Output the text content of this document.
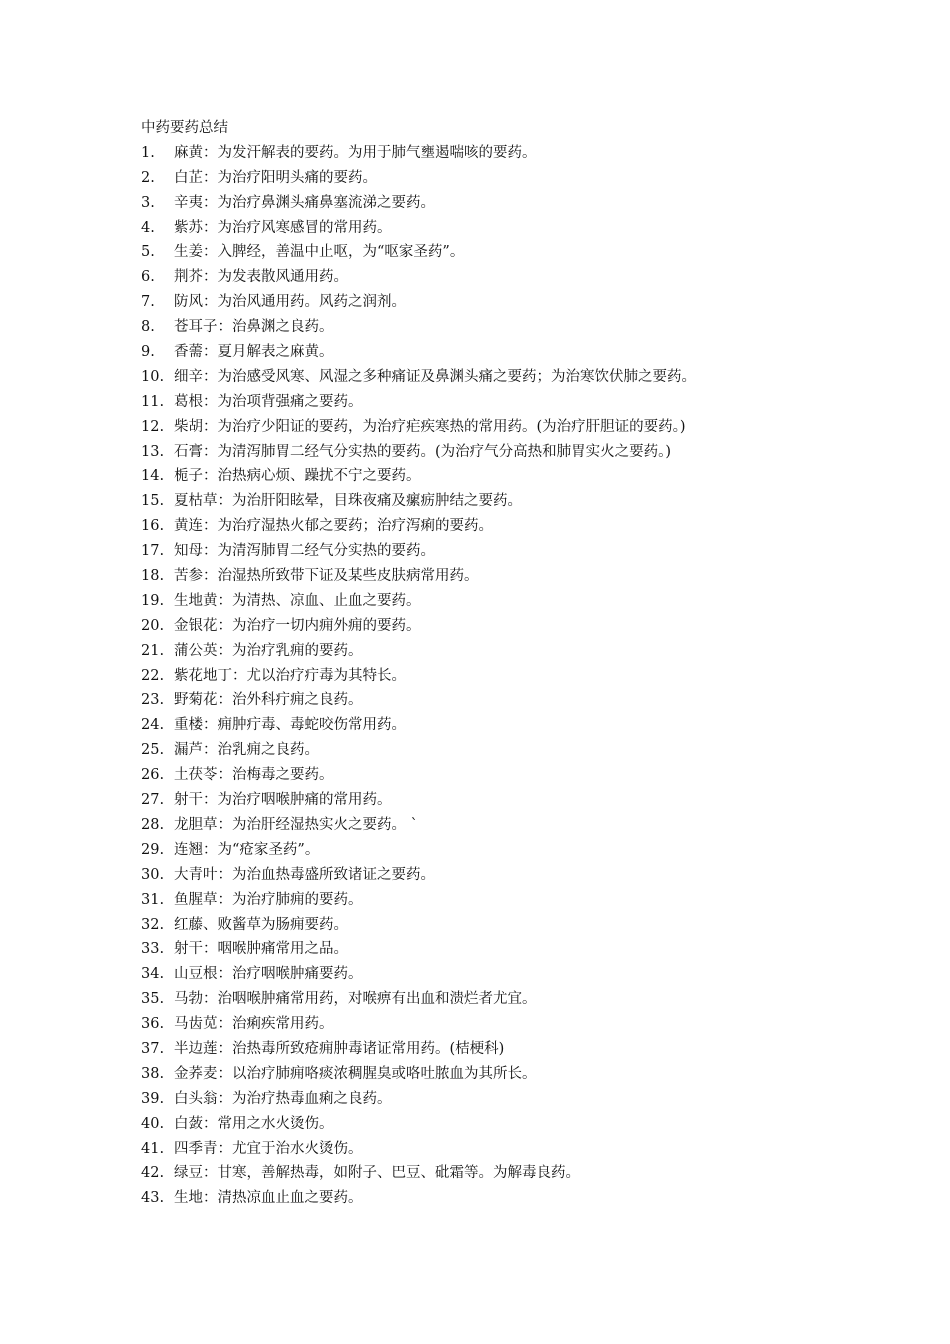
中药要药总结
1.	麻黄：为发汗解表的要药。为用于肺气壅遏喘咳的要药。
2.	白芷：为治疗阳明头痛的要药。
3.	辛夷：为治疗鼻渊头痛鼻塞流涕之要药。
4.	紫苏：为治疗风寒感冒的常用药。
5.	生姜：入脾经，善温中止呕，为“呕家圣药”。
6.	荆芥：为发表散风通用药。
7.	防风：为治风通用药。风药之润剂。
8.	苍耳子：治鼻渊之良药。
9.	香薷：夏月解表之麻黄。
10. 细辛：为治感受风寒、风湿之多种痛证及鼻渊头痛之要药；为治寒饮伏肺之要药。
11. 葛根：为治项背强痛之要药。
12. 柴胡：为治疗少阳证的要药，为治疗疟疾寒热的常用药。(为治疗肝胆证的要药。)
13. 石膏：为清泻肺胃二经气分实热的要药。(为治疗气分高热和肺胃实火之要药。)
14. 栀子：治热病心烦、躁扰不宁之要药。
15. 夏枯草：为治肝阳眩晕，目珠夜痛及瘰疬肿结之要药。
16. 黄连：为治疗湿热火郁之要药；治疗泻痢的要药。
17. 知母：为清泻肺胃二经气分实热的要药。
18. 苦参：治湿热所致带下证及某些皮肤病常用药。
19. 生地黄：为清热、凉血、止血之要药。
20. 金银花：为治疗一切内痈外痈的要药。
21. 蒲公英：为治疗乳痈的要药。
22. 紫花地丁：尤以治疗疔毒为其特长。
23. 野菊花：治外科疔痈之良药。
24. 重楼：痈肿疔毒、毒蛇咬伤常用药。
25. 漏芦：治乳痈之良药。
26. 土茯苓：治梅毒之要药。
27. 射干：为治疗咽喉肿痛的常用药。
28. 龙胆草：为治肝经湿热实火之要药。 `
29. 连翘：为“疮家圣药”。
30. 大青叶：为治血热毒盛所致诸证之要药。
31. 鱼腥草：为治疗肺痈的要药。
32. 红藤、败酱草为肠痈要药。
33. 射干：咽喉肿痛常用之品。
34. 山豆根：治疗咽喉肿痛要药。
35. 马勃：治咽喉肿痛常用药，对喉痹有出血和溃烂者尤宜。
36. 马齿苋：治痢疾常用药。
37. 半边莲：治热毒所致疮痈肿毒诸证常用药。(桔梗科)
38. 金荞麦：以治疗肺痈咯痰浓稠腥臭或咯吐脓血为其所长。
39. 白头翁：为治疗热毒血痢之良药。
40. 白蔹：常用之水火烫伤。
41. 四季青：尤宜于治水火烫伤。
42. 绿豆：甘寒，善解热毒，如附子、巴豆、砒霜等。为解毒良药。
43. 生地：清热凉血止血之要药。
